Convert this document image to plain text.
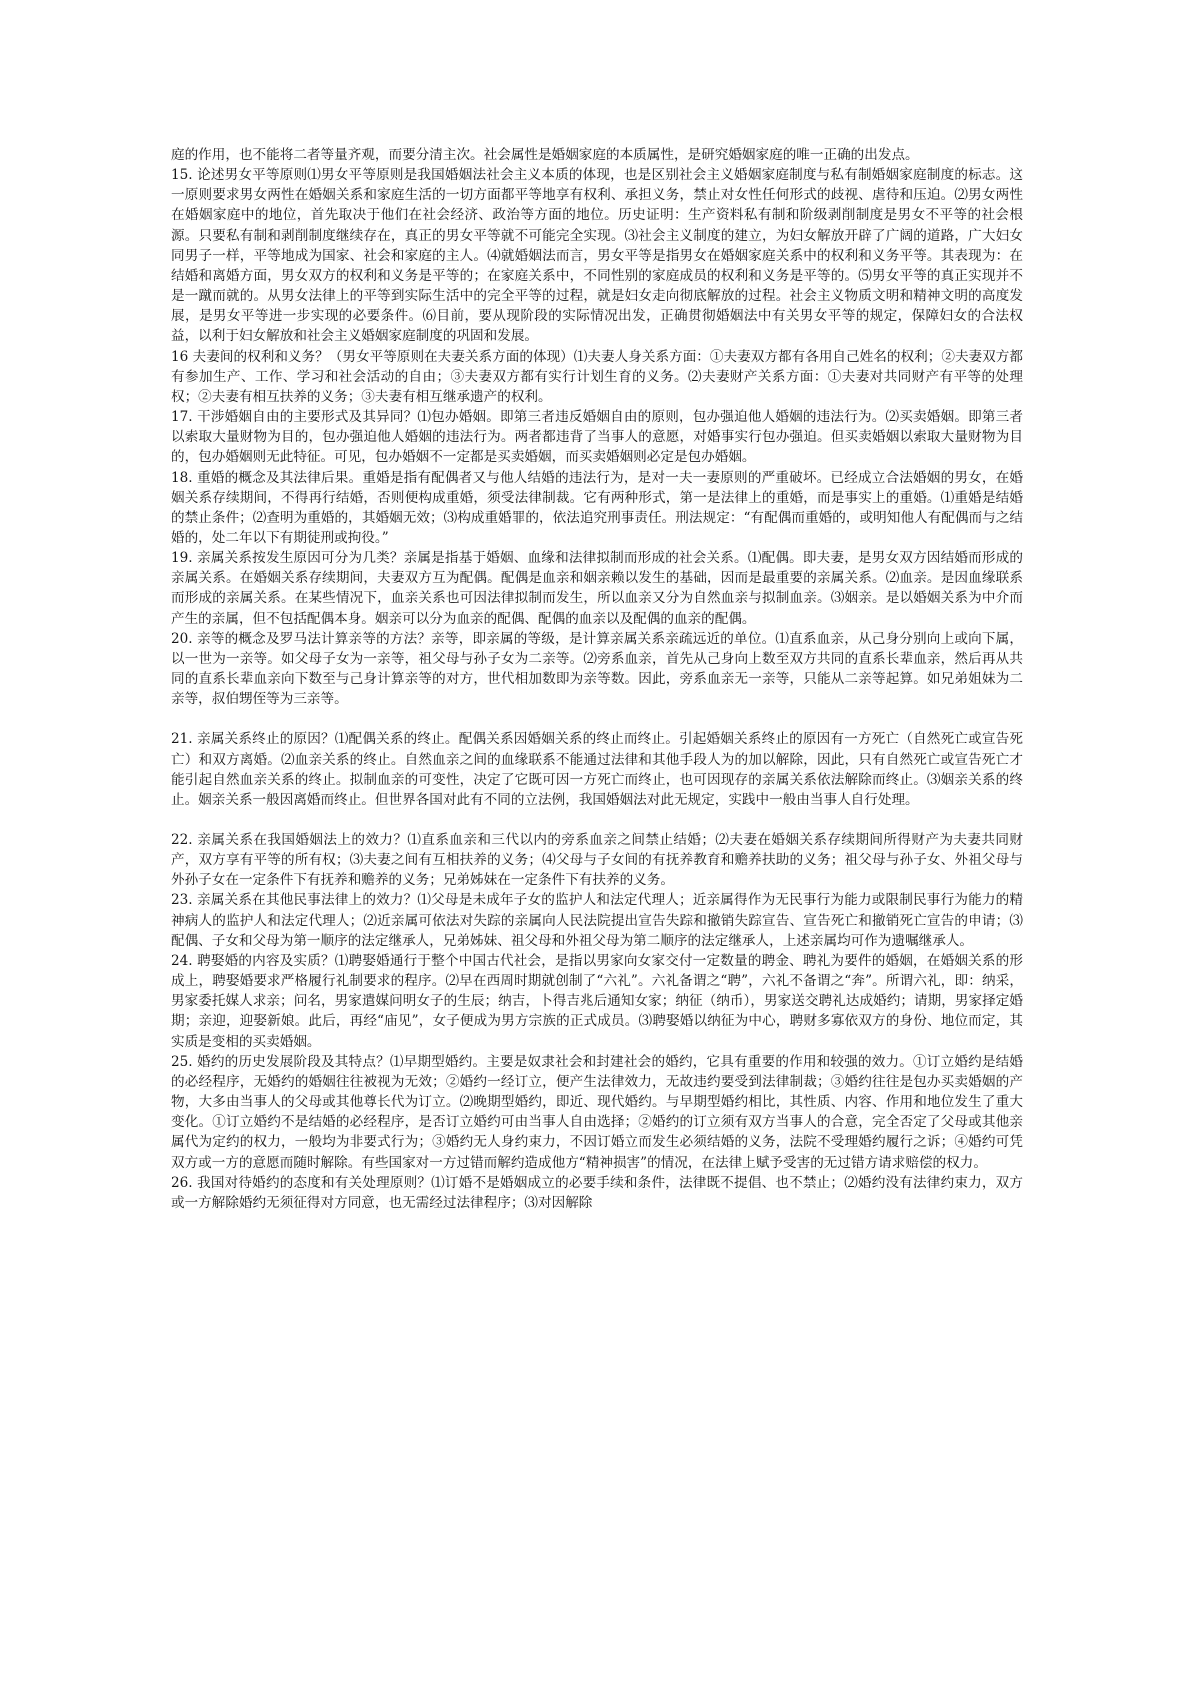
庭的作用，也不能将二者等量齐观，而要分清主次。社会属性是婚姻家庭的本质属性，是研究婚姻家庭的唯一正确的出发点。

15. 论述男女平等原则⑴男女平等原则是我国婚姻法社会主义本质的体现，也是区别社会主义婚姻家庭制度与私有制婚姻家庭制度的标志。这一原则要求男女两性在婚姻关系和家庭生活的一切方面都平等地享有权利、承担义务，禁止对女性任何形式的歧视、虐待和压迫。⑵男女两性在婚姻家庭中的地位，首先取决于他们在社会经济、政治等方面的地位。历史证明：生产资料私有制和阶级剥削制度是男女不平等的社会根源。只要私有制和剥削制度继续存在，真正的男女平等就不可能完全实现。⑶社会主义制度的建立，为妇女解放开辟了广阔的道路，广大妇女同男子一样，平等地成为国家、社会和家庭的主人。⑷就婚姻法而言，男女平等是指男女在婚姻家庭关系中的权利和义务平等。其表现为：在结婚和离婚方面，男女双方的权利和义务是平等的；在家庭关系中，不同性别的家庭成员的权利和义务是平等的。⑸男女平等的真正实现并不是一蹴而就的。从男女法律上的平等到实际生活中的完全平等的过程，就是妇女走向彻底解放的过程。社会主义物质文明和精神文明的高度发展，是男女平等进一步实现的必要条件。⑹目前，要从现阶段的实际情况出发，正确贯彻婚姻法中有关男女平等的规定，保障妇女的合法权益，以利于妇女解放和社会主义婚姻家庭制度的巩固和发展。

16 夫妻间的权利和义务？（男女平等原则在夫妻关系方面的体现）⑴夫妻人身关系方面：①夫妻双方都有各用自己姓名的权利；②夫妻双方都有参加生产、工作、学习和社会活动的自由；③夫妻双方都有实行计划生育的义务。⑵夫妻财产关系方面：①夫妻对共同财产有平等的处理权；②夫妻有相互扶养的义务；③夫妻有相互继承遗产的权利。

17. 干涉婚姻自由的主要形式及其异同？⑴包办婚姻。即第三者违反婚姻自由的原则，包办强迫他人婚姻的违法行为。⑵买卖婚姻。即第三者以索取大量财物为目的，包办强迫他人婚姻的违法行为。两者都违背了当事人的意愿，对婚事实行包办强迫。但买卖婚姻以索取大量财物为目的，包办婚姻则无此特征。可见，包办婚姻不一定都是买卖婚姻，而买卖婚姻则必定是包办婚姻。

18. 重婚的概念及其法律后果。重婚是指有配偶者又与他人结婚的违法行为，是对一夫一妻原则的严重破坏。已经成立合法婚姻的男女，在婚姻关系存续期间，不得再行结婚，否则便构成重婚，须受法律制裁。它有两种形式，第一是法律上的重婚，而是事实上的重婚。⑴重婚是结婚的禁止条件；⑵查明为重婚的，其婚姻无效；⑶构成重婚罪的，依法追究刑事责任。刑法规定：“有配偶而重婚的，或明知他人有配偶而与之结婚的，处二年以下有期徒刑或拘役。”

19. 亲属关系按发生原因可分为几类？亲属是指基于婚姻、血缘和法律拟制而形成的社会关系。⑴配偶。即夫妻，是男女双方因结婚而形成的亲属关系。在婚姻关系存续期间，夫妻双方互为配偶。配偶是血亲和姻亲赖以发生的基础，因而是最重要的亲属关系。⑵血亲。是因血缘联系而形成的亲属关系。在某些情况下，血亲关系也可因法律拟制而发生，所以血亲又分为自然血亲与拟制血亲。⑶姻亲。是以婚姻关系为中介而产生的亲属，但不包括配偶本身。姻亲可以分为血亲的配偶、配偶的血亲以及配偶的血亲的配偶。

20. 亲等的概念及罗马法计算亲等的方法？亲等，即亲属的等级，是计算亲属关系亲疏远近的单位。⑴直系血亲，从己身分别向上或向下属，以一世为一亲等。如父母子女为一亲等，祖父母与孙子女为二亲等。⑵旁系血亲，首先从己身向上数至双方共同的直系长辈血亲，然后再从共同的直系长辈血亲向下数至与己身计算亲等的对方，世代相加数即为亲等数。因此，旁系血亲无一亲等，只能从二亲等起算。如兄弟姐妹为二亲等，叔伯甥侄等为三亲等。

21. 亲属关系终止的原因？⑴配偶关系的终止。配偶关系因婚姻关系的终止而终止。引起婚姻关系终止的原因有一方死亡（自然死亡或宣告死亡）和双方离婚。⑵血亲关系的终止。自然血亲之间的血缘联系不能通过法律和其他手段人为的加以解除，因此，只有自然死亡或宣告死亡才能引起自然血亲关系的终止。拟制血亲的可变性，决定了它既可因一方死亡而终止，也可因现存的亲属关系依法解除而终止。⑶姻亲关系的终止。姻亲关系一般因离婚而终止。但世界各国对此有不同的立法例，我国婚姻法对此无规定，实践中一般由当事人自行处理。

22. 亲属关系在我国婚姻法上的效力？⑴直系血亲和三代以内的旁系血亲之间禁止结婚；⑵夫妻在婚姻关系存续期间所得财产为夫妻共同财产，双方享有平等的所有权；⑶夫妻之间有互相扶养的义务；⑷父母与子女间的有抚养教育和赡养扶助的义务；祖父母与孙子女、外祖父母与外孙子女在一定条件下有抚养和赡养的义务；兄弟姊妹在一定条件下有扶养的义务。

23. 亲属关系在其他民事法律上的效力？⑴父母是未成年子女的监护人和法定代理人；近亲属得作为无民事行为能力或限制民事行为能力的精神病人的监护人和法定代理人；⑵近亲属可依法对失踪的亲属向人民法院提出宣告失踪和撤销失踪宣告、宣告死亡和撤销死亡宣告的申请；⑶配偶、子女和父母为第一顺序的法定继承人，兄弟姊妹、祖父母和外祖父母为第二顺序的法定继承人，上述亲属均可作为遗嘱继承人。

24. 聘娶婚的内容及实质？⑴聘娶婚通行于整个中国古代社会，是指以男家向女家交付一定数量的聘金、聘礼为要件的婚姻，在婚姻关系的形成上，聘娶婚要求严格履行礼制要求的程序。⑵早在西周时期就创制了“六礼”。六礼备谓之“聘”，六礼不备谓之“奔”。所谓六礼，即：纳采，男家委托媒人求亲；问名，男家遣媒问明女子的生辰；纳吉，卜得吉兆后通知女家；纳征（纳币），男家送交聘礼达成婚约；请期，男家择定婚期；亲迎，迎娶新娘。此后，再经“庙见”，女子便成为男方宗族的正式成员。⑶聘娶婚以纳征为中心，聘财多寡依双方的身份、地位而定，其实质是变相的买卖婚姻。

25. 婚约的历史发展阶段及其特点？⑴早期型婚约。主要是奴隶社会和封建社会的婚约，它具有重要的作用和较强的效力。①订立婚约是结婚的必经程序，无婚约的婚姻往往被视为无效；②婚约一经订立，便产生法律效力，无故违约要受到法律制裁；③婚约往往是包办买卖婚姻的产物，大多由当事人的父母或其他尊长代为订立。⑵晚期型婚约，即近、现代婚约。与早期型婚约相比，其性质、内容、作用和地位发生了重大变化。①订立婚约不是结婚的必经程序，是否订立婚约可由当事人自由选择；②婚约的订立须有双方当事人的合意，完全否定了父母或其他亲属代为定约的权力，一般均为非要式行为；③婚约无人身约束力，不因订婚立而发生必须结婚的义务，法院不受理婚约履行之诉；④婚约可凭双方或一方的意愿而随时解除。有些国家对一方过错而解约造成他方“精神损害”的情况，在法律上赋予受害的无过错方请求赔偿的权力。

26. 我国对待婚约的态度和有关处理原则？⑴订婚不是婚姻成立的必要手续和条件，法律既不提倡、也不禁止；⑵婚约没有法律约束力，双方或一方解除婚约无须征得对方同意，也无需经过法律程序；⑶对因解除
